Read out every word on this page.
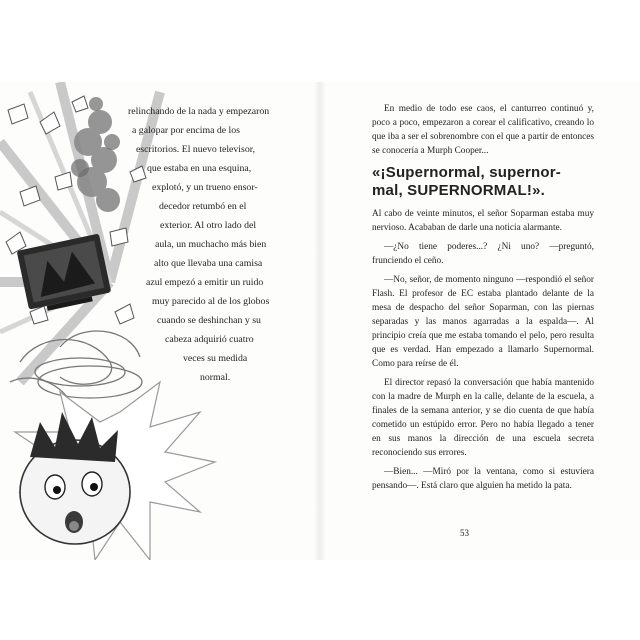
relinchando de la nada y empezaron
a galopar por encima de los
escritorios. El nuevo televisor,
que estaba en una esquina,
explotó, y un trueno ensor-
decedor retumbó en el
exterior. Al otro lado del
aula, un muchacho más bien
alto que llevaba una camisa
azul empezó a emitir un ruido
muy parecido al de los globos
cuando se deshinchan y su
cabeza adquirió cuatro
veces su medida
normal.

En medio de todo ese caos, el canturreo continuó y, poco a poco, empezaron a corear el calificativo, creando lo que iba a ser el sobrenombre con el que a partir de entonces se conocería a Murph Cooper...

«¡Supernormal, supernor-
mal, SUPERNORMAL!».

Al cabo de veinte minutos, el señor Soparman estaba muy nervioso. Acababan de darle una noticia alarmante.

—¿No tiene poderes...? ¿Ni uno? —preguntó, frunciendo el ceño.

—No, señor, de momento ninguno —respondió el señor Flash. El profesor de EC estaba plantado delante de la mesa de despacho del señor Soparman, con las piernas separadas y las manos agarradas a la espalda—. Al principio creía que me estaba tomando el pelo, pero resulta que es verdad. Han empezado a llamarlo Supernormal. Como para reírse de él.

El director repasó la conversación que había mantenido con la madre de Murph en la calle, delante de la escuela, a finales de la semana anterior, y se dio cuenta de que había cometido un estúpido error. Pero no había llegado a tener en sus manos la dirección de una escuela secreta reconociendo sus errores.

—Bien... —Miró por la ventana, como si estuviera pensando—. Está claro que alguien ha metido la pata.

53
